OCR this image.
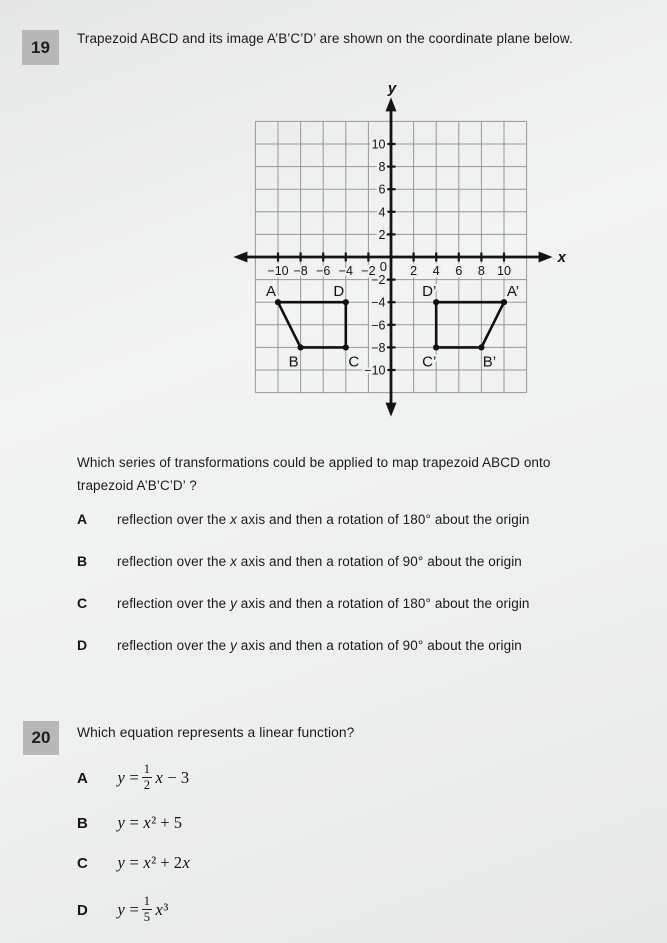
19 Trapezoid ABCD and its image A’B’C’D’ are shown on the coordinate plane below.
A
B	C
D	A’
B’
C’
D’
−10 −8 −6 −4 −2	2 4 6 8 10
−10
−8
−6
−4
−2
2
4
6
8
10
0
y
x
Which series of transformations could be applied to map trapezoid ABCD onto
trapezoid A’B’C’D’ ?
A	reflection over the x axis and then a rotation of 180° about the origin
B	reflection over the x axis and then a rotation of 90° about the origin
C	reflection over the y axis and then a rotation of 180° about the origin
D	reflection over the y axis and then a rotation of 90° about the origin
20 Which equation represents a linear function?
A	$y = \frac{1}{2}$ x − 3
B	y = x² + 5
C	y = x² + 2x
D	$y = \frac{1}{5} x^3$
